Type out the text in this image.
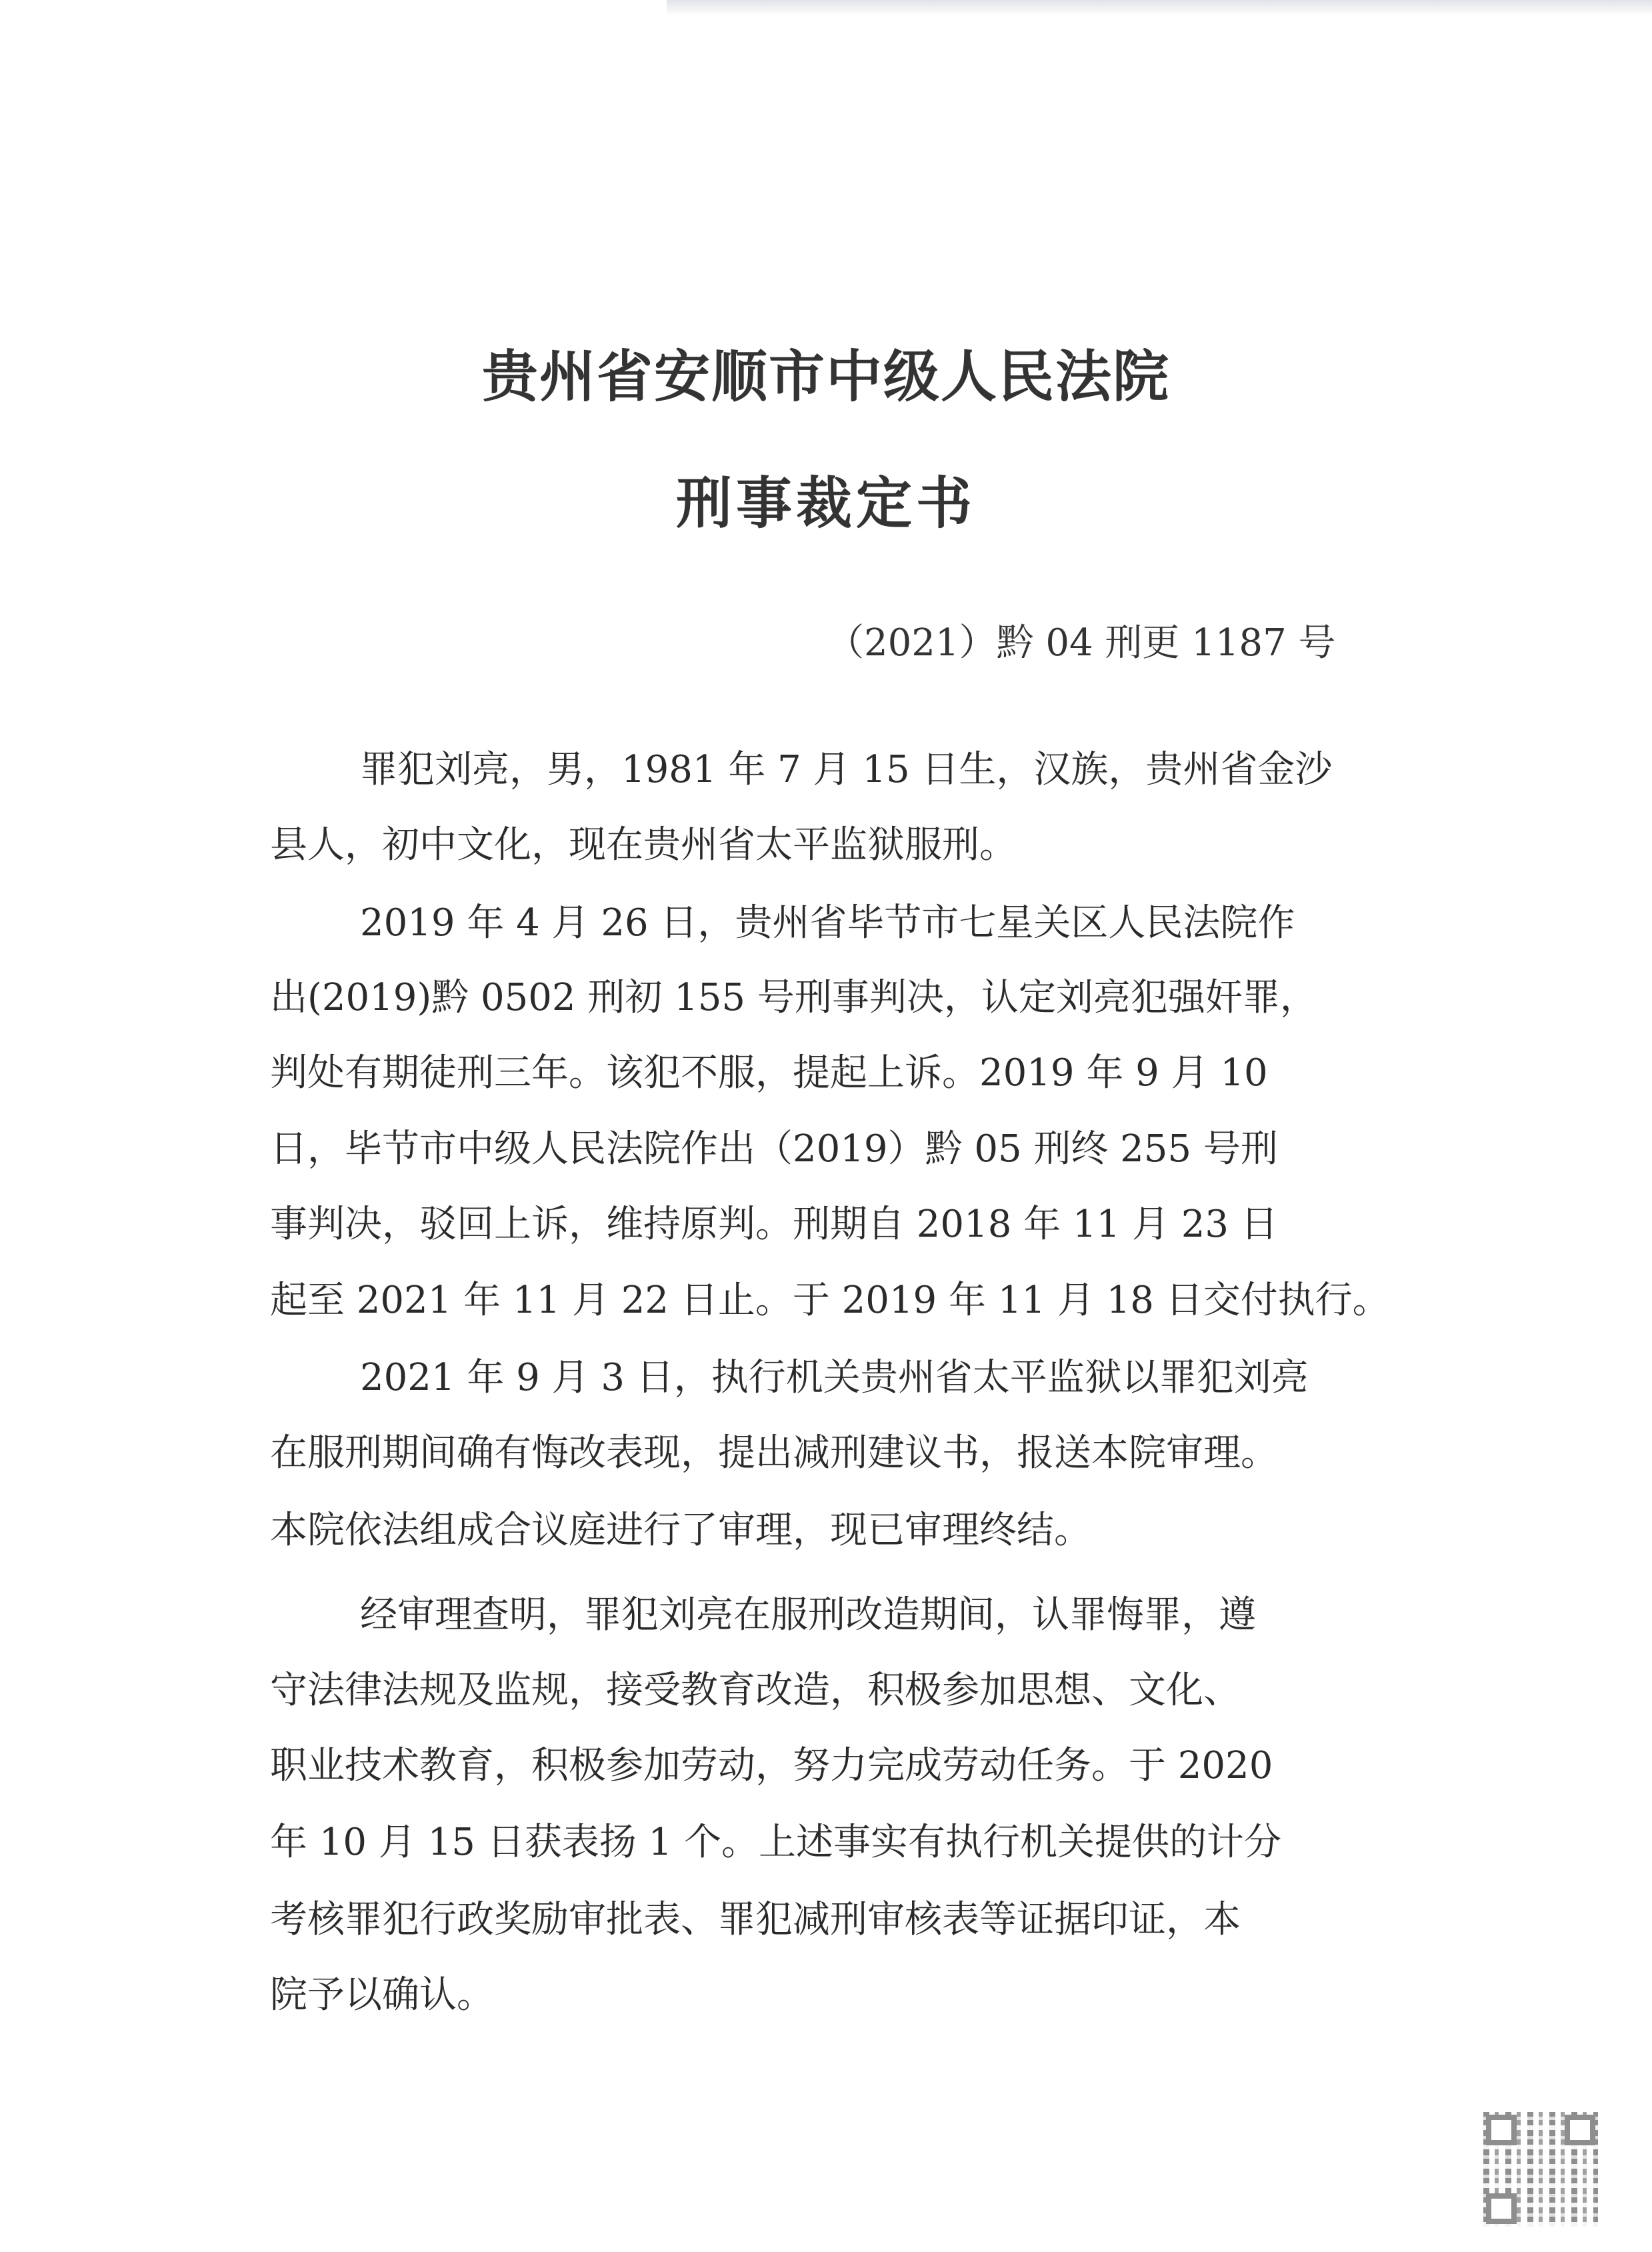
贵州省安顺市中级人民法院
刑事裁定书
（2021）黔 04 刑更 1187 号
罪犯刘亮，男，1981 年 7 月 15 日生，汉族，贵州省金沙
县人，初中文化，现在贵州省太平监狱服刑。
2019 年 4 月 26 日，贵州省毕节市七星关区人民法院作
出(2019)黔 0502 刑初 155 号刑事判决，认定刘亮犯强奸罪，
判处有期徒刑三年。该犯不服，提起上诉。2019 年 9 月 10
日，毕节市中级人民法院作出（2019）黔 05 刑终 255 号刑
事判决，驳回上诉，维持原判。刑期自 2018 年 11 月 23 日
起至 2021 年 11 月 22 日止。于 2019 年 11 月 18 日交付执行。
2021 年 9 月 3 日，执行机关贵州省太平监狱以罪犯刘亮
在服刑期间确有悔改表现，提出减刑建议书，报送本院审理。
本院依法组成合议庭进行了审理，现已审理终结。
经审理查明，罪犯刘亮在服刑改造期间，认罪悔罪，遵
守法律法规及监规，接受教育改造，积极参加思想、文化、
职业技术教育，积极参加劳动，努力完成劳动任务。于 2020
年 10 月 15 日获表扬 1 个。上述事实有执行机关提供的计分
考核罪犯行政奖励审批表、罪犯减刑审核表等证据印证，本
院予以确认。
